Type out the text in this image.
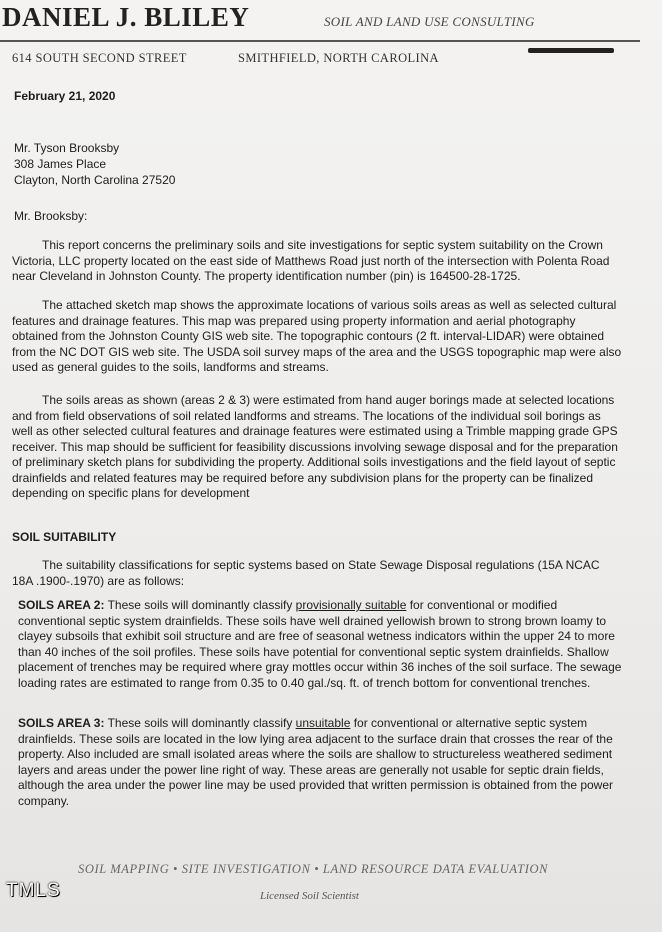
DANIEL J. BLILEY	SOIL AND LAND USE CONSULTING
614 SOUTH SECOND STREET	SMITHFIELD, NORTH CAROLINA
February 21, 2020
Mr. Tyson Brooksby
308 James Place
Clayton, North Carolina 27520
Mr. Brooksby:
This report concerns the preliminary soils and site investigations for septic system suitability on the Crown Victoria, LLC property located on the east side of Matthews Road just north of the intersection with Polenta Road near Cleveland in Johnston County. The property identification number (pin) is 164500-28-1725.
The attached sketch map shows the approximate locations of various soils areas as well as selected cultural features and drainage features. This map was prepared using property information and aerial photography obtained from the Johnston County GIS web site. The topographic contours (2 ft. interval-LIDAR) were obtained from the NC DOT GIS web site. The USDA soil survey maps of the area and the USGS topographic map were also used as general guides to the soils, landforms and streams.
The soils areas as shown (areas 2 & 3) were estimated from hand auger borings made at selected locations and from field observations of soil related landforms and streams. The locations of the individual soil borings as well as other selected cultural features and drainage features were estimated using a Trimble mapping grade GPS receiver. This map should be sufficient for feasibility discussions involving sewage disposal and for the preparation of preliminary sketch plans for subdividing the property. Additional soils investigations and the field layout of septic drainfields and related features may be required before any subdivision plans for the property can be finalized depending on specific plans for development
SOIL SUITABILITY
The suitability classifications for septic systems based on State Sewage Disposal regulations (15A NCAC 18A .1900-.1970) are as follows:
SOILS AREA 2: These soils will dominantly classify provisionally suitable for conventional or modified conventional septic system drainfields. These soils have well drained yellowish brown to strong brown loamy to clayey subsoils that exhibit soil structure and are free of seasonal wetness indicators within the upper 24 to more than 40 inches of the soil profiles. These soils have potential for conventional septic system drainfields. Shallow placement of trenches may be required where gray mottles occur within 36 inches of the soil surface. The sewage loading rates are estimated to range from 0.35 to 0.40 gal./sq. ft. of trench bottom for conventional trenches.
SOILS AREA 3: These soils will dominantly classify unsuitable for conventional or alternative septic system drainfields. These soils are located in the low lying area adjacent to the surface drain that crosses the rear of the property. Also included are small isolated areas where the soils are shallow to structureless weathered sediment layers and areas under the power line right of way. These areas are generally not usable for septic drain fields, although the area under the power line may be used provided that written permission is obtained from the power company.
SOIL MAPPING • SITE INVESTIGATION • LAND RESOURCE DATA EVALUATION
Licensed Soil Scientist
TMLS
